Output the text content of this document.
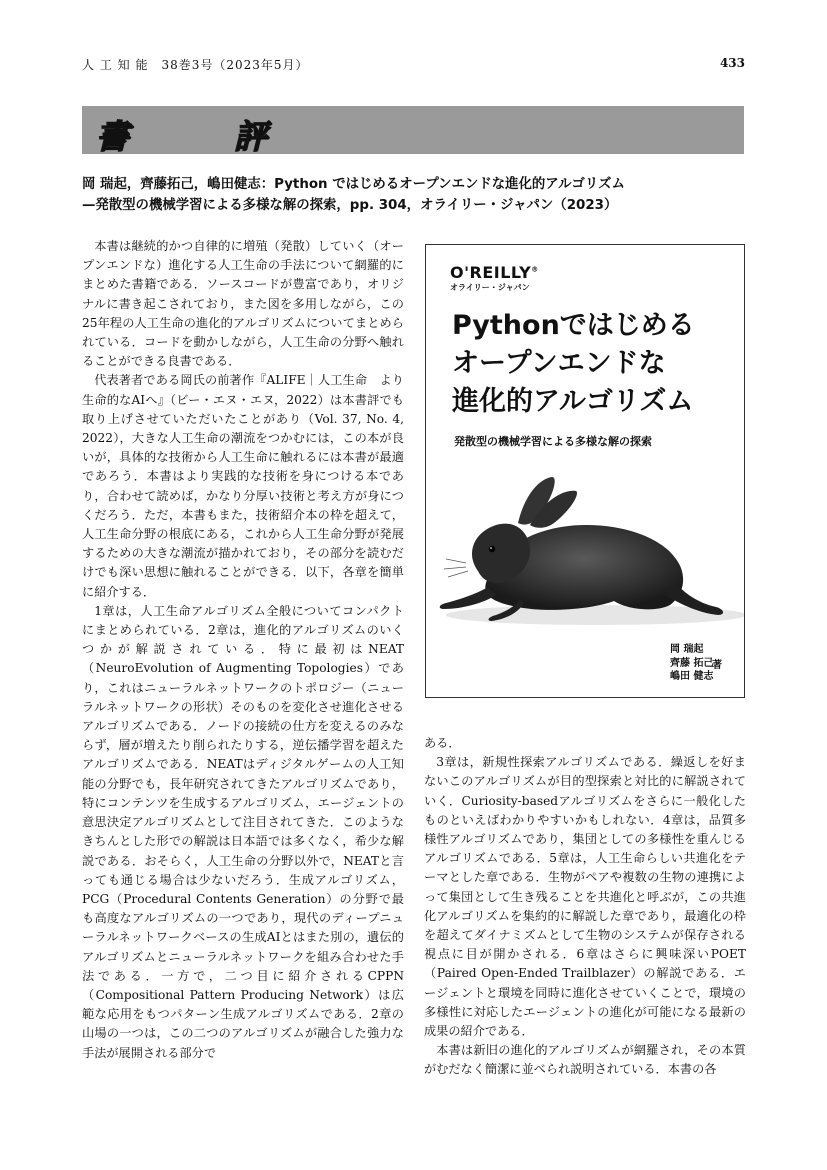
人 工 知 能　38巻3号（2023年5月）	433
書	評
岡 瑞起，齊藤拓己，嶋田健志：Python ではじめるオープンエンドな進化的アルゴリズム
—発散型の機械学習による多様な解の探索，pp. 304，オライリー・ジャパン（2023）

本書は継続的かつ自律的に増殖（発散）していく（オープンエンドな）進化する人工生命の手法について網羅的にまとめた書籍である．ソースコードが豊富であり，オリジナルに書き起こされており，また図を多用しながら，この25年程の人工生命の進化的アルゴリズムについてまとめられている．コードを動かしながら，人工生命の分野へ触れることができる良書である．

代表著者である岡氏の前著作『ALIFE｜人工生命　より生命的なAIへ』（ビー・エヌ・エヌ，2022）は本書評でも取り上げさせていただいたことがあり（Vol. 37, No. 4, 2022），大きな人工生命の潮流をつかむには，この本が良いが，具体的な技術から人工生命に触れるには本書が最適であろう．本書はより実践的な技術を身につける本であり，合わせて読めば，かなり分厚い技術と考え方が身につくだろう．ただ，本書もまた，技術紹介本の枠を超えて，人工生命分野の根底にある，これから人工生命分野が発展するための大きな潮流が描かれており，その部分を読むだけでも深い思想に触れることができる．以下，各章を簡単に紹介する．

1章は，人工生命アルゴリズム全般についてコンパクトにまとめられている．2章は，進化的アルゴリズムのいくつかが解説されている．特に最初はNEAT（NeuroEvolution of Augmenting Topologies）であり，これはニューラルネットワークのトポロジー（ニューラルネットワークの形状）そのものを変化させ進化させるアルゴリズムである．ノードの接続の仕方を変えるのみならず，層が増えたり削られたりする，逆伝播学習を超えたアルゴリズムである．NEATはディジタルゲームの人工知能の分野でも，長年研究されてきたアルゴリズムであり，特にコンテンツを生成するアルゴリズム，エージェントの意思決定アルゴリズムとして注目されてきた．このようなきちんとした形での解説は日本語では多くなく，希少な解説である．おそらく，人工生命の分野以外で，NEATと言っても通じる場合は少ないだろう．生成アルゴリズム，PCG（Procedural Contents Generation）の分野で最も高度なアルゴリズムの一つであり，現代のディープニューラルネットワークベースの生成AIとはまた別の，遺伝的アルゴリズムとニューラルネットワークを組み合わせた手法である．一方で，二つ目に紹介されるCPPN（Compositional Pattern Producing Network）は広範な応用をもつパターン生成アルゴリズムである．2章の山場の一つは，この二つのアルゴリズムが融合した強力な手法が展開される部分で

O'REILLY®
オライリー・ジャパン
Pythonではじめる
オープンエンドな
進化的アルゴリズム
発散型の機械学習による多様な解の探索
岡 瑞起
齊藤 拓己
嶋田 健志
著

ある．

3章は，新規性探索アルゴリズムである．繰返しを好まないこのアルゴリズムが目的型探索と対比的に解説されていく．Curiosity-basedアルゴリズムをさらに一般化したものといえばわかりやすいかもしれない．4章は，品質多様性アルゴリズムであり，集団としての多様性を重んじるアルゴリズムである．5章は，人工生命らしい共進化をテーマとした章である．生物がペアや複数の生物の連携によって集団として生き残ることを共進化と呼ぶが，この共進化アルゴリズムを集約的に解説した章であり，最適化の枠を超えてダイナミズムとして生物のシステムが保存される視点に目が開かされる．6章はさらに興味深いPOET（Paired Open-Ended Trailblazer）の解説である．エージェントと環境を同時に進化させていくことで，環境の多様性に対応したエージェントの進化が可能になる最新の成果の紹介である．

本書は新旧の進化的アルゴリズムが網羅され，その本質がむだなく簡潔に並べられ説明されている．本書の各
